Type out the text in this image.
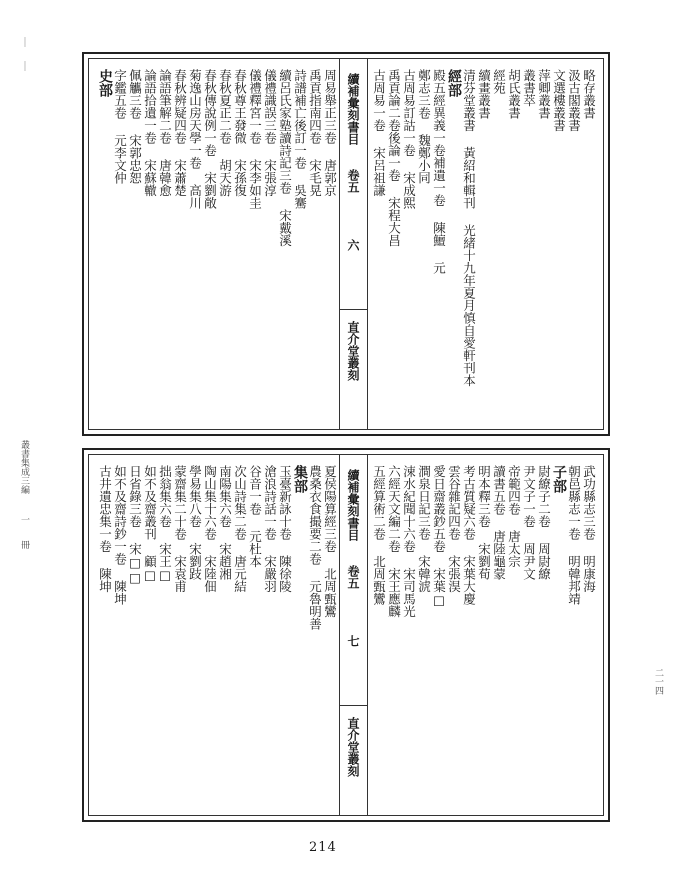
｜
｜
叢書集成三編
一
冊
二一四
續補彙刻書目
卷五
六
直介堂叢刻
略存叢書
汲古閣叢書
文選樓叢書
萍卿叢書
叢書萃
胡氏叢書
經苑
續畫叢書
清芬堂叢書 黃紹和輯刊 光緒十九年夏月慎自愛軒刊本
經部
殿五經異義一卷補遺一卷 陳鱣 元
鄭志三卷 魏鄭小同
古周易訂詁一卷 宋成熙
禹貢論二卷後論一卷 宋程大昌
古周易一卷 宋呂祖謙
周易舉正三卷 唐郭京
禹貢指南四卷 宋毛晃
詩譜補亡後訂一卷 吳騫
續呂氏家塾讀詩記三卷 宋戴溪
儀禮識誤三卷 宋張淳
儀禮釋宮一卷 宋李如圭
春秋尊王發微 宋孫復
春秋夏正二卷 胡天游
春秋傳說例一卷 宋劉敞
菊逸山房天學一卷 高川
春秋辨疑四卷 宋蕭楚
論語筆解二卷 唐韓愈
論語拾遺一卷 宋蘇轍
佩觿三卷 宋郭忠恕
字鑑五卷 元李文仲
史部
續補彙刻書目
卷五
七
直介堂叢刻
武功縣志三卷 明康海
朝邑縣志一卷 明韓邦靖
子部
尉繚子二卷 周尉繚
尹文子一卷 周尹文
帝範四卷 唐太宗
讀書五卷 唐陸龜蒙
明本釋三卷 宋劉荀
考古質疑六卷 宋葉大慶
雲谷雜記四卷 宋張淏
愛日齋叢鈔五卷 宋葉□
澗泉日記三卷 宋韓淲
涑水紀聞十六卷 宋司馬光
六經天文編二卷 宋王應麟
五經算術二卷 北周甄鸞
夏侯陽算經三卷 北周甄鸞
農桑衣食撮要二卷 元魯明善
集部
玉臺新詠十卷 陳徐陵
滄浪詩話一卷 宋嚴羽
谷音一卷 元杜本
次山詩集二卷 唐元結
南陽集六卷 宋趙湘
陶山集十六卷 宋陸佃
學易集八卷 宋劉跂
蒙齋集二十卷 宋袁甫
拙翁集六卷 宋王□
如不及齋叢刊 顧□
日省錄三卷 宋□□
如不及齋詩鈔一卷 陳坤
古井遺忠集一卷 陳坤
214
